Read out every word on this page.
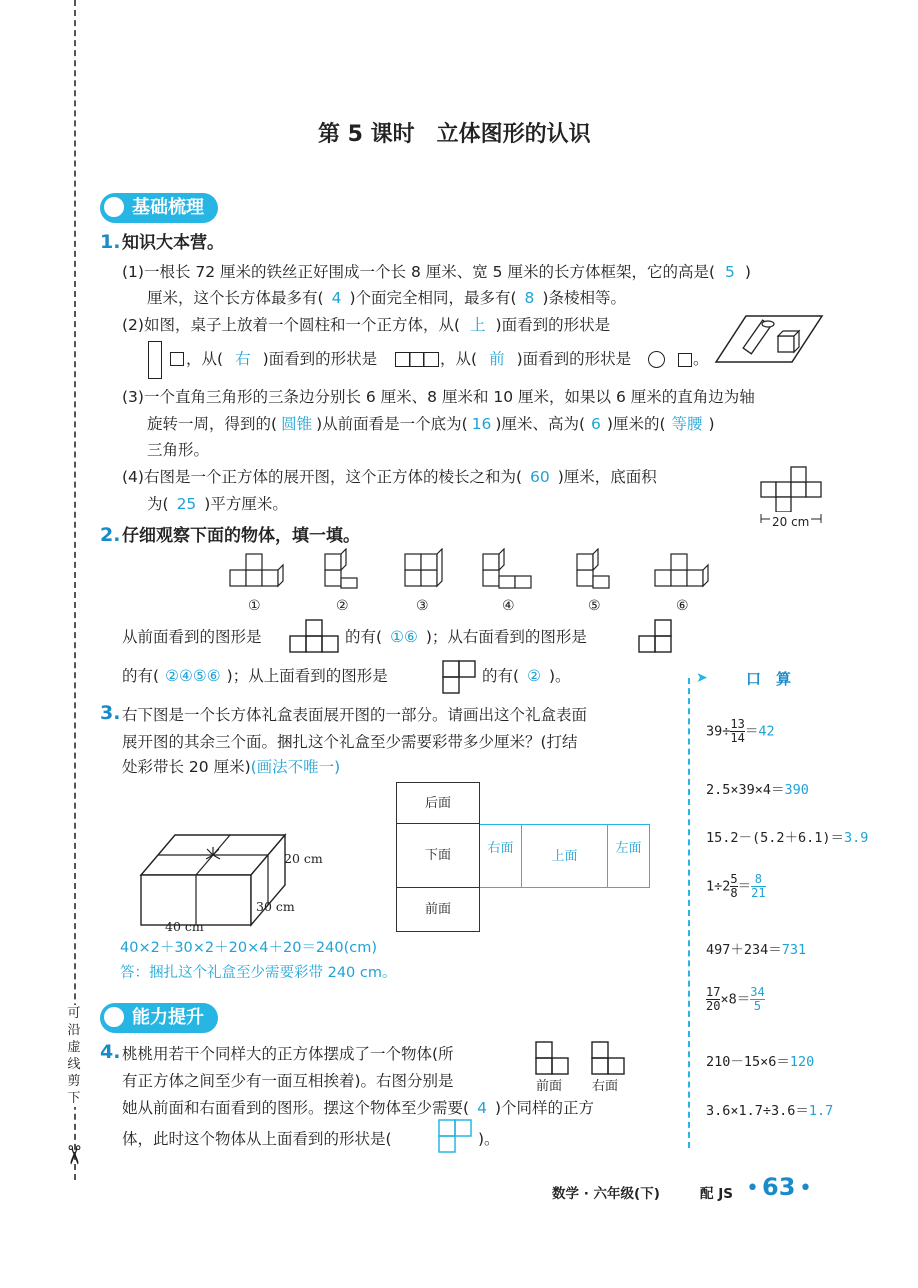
可沿虚线剪下
✂
第 5 课时　立体图形的认识
基础梳理
1. 知识大本营。
(1)一根长 72 厘米的铁丝正好围成一个长 8 厘米、宽 5 厘米的长方体框架，它的高是( 5 )
厘米，这个长方体最多有( 4 )个面完全相同，最多有( 8 )条棱相等。
(2)如图，桌子上放着一个圆柱和一个正方体，从( 上 )面看到的形状是
，从( 右 )面看到的形状是	，从( 前 )面看到的形状是	。
(3)一个直角三角形的三条边分别长 6 厘米、8 厘米和 10 厘米，如果以 6 厘米的直角边为轴
旋转一周，得到的( 圆锥 )从前面看是一个底为( 16 )厘米、高为( 6 )厘米的( 等腰 )
三角形。
(4)右图是一个正方体的展开图，这个正方体的棱长之和为( 60 )厘米，底面积
为( 25 )平方厘米。
20 cm
2. 仔细观察下面的物体，填一填。
①	②	③	④	⑤	⑥
从前面看到的图形是	的有( ①⑥ )；从右面看到的图形是
的有( ②④⑤⑥ )；从上面看到的图形是	的有( ② )。	➤	口　算
$39\div \frac{13}{14} =42$
2.5×39×4＝390
15.2－(5.2＋6.1)＝3.9
$1\div 2 \frac{5}{8} = \frac{8}{21}$
497＋234＝731
$\frac{17}{20} \times 8= \frac{34}{5}$
210－15×6＝120
3.6×1.7÷3.6＝1.7
3. 右下图是一个长方体礼盒表面展开图的一部分。请画出这个礼盒表面
展开图的其余三个面。捆扎这个礼盒至少需要彩带多少厘米？(打结
处彩带长 20 厘米)(画法不唯一)
20 cm
30 cm
40 cm
后面
下面
前面
右面
上面
左面
40×2＋30×2＋20×4＋20＝240(cm)
答：捆扎这个礼盒至少需要彩带 240 cm。
能力提升
4. 桃桃用若干个同样大的正方体摆成了一个物体(所
有正方体之间至少有一面互相挨着)。右图分别是
她从前面和右面看到的图形。摆这个物体至少需要( 4 )个同样的正方
体，此时这个物体从上面看到的形状是(	)。
前面 右面
数学 · 六年级(下)	配 JS • 63 •
